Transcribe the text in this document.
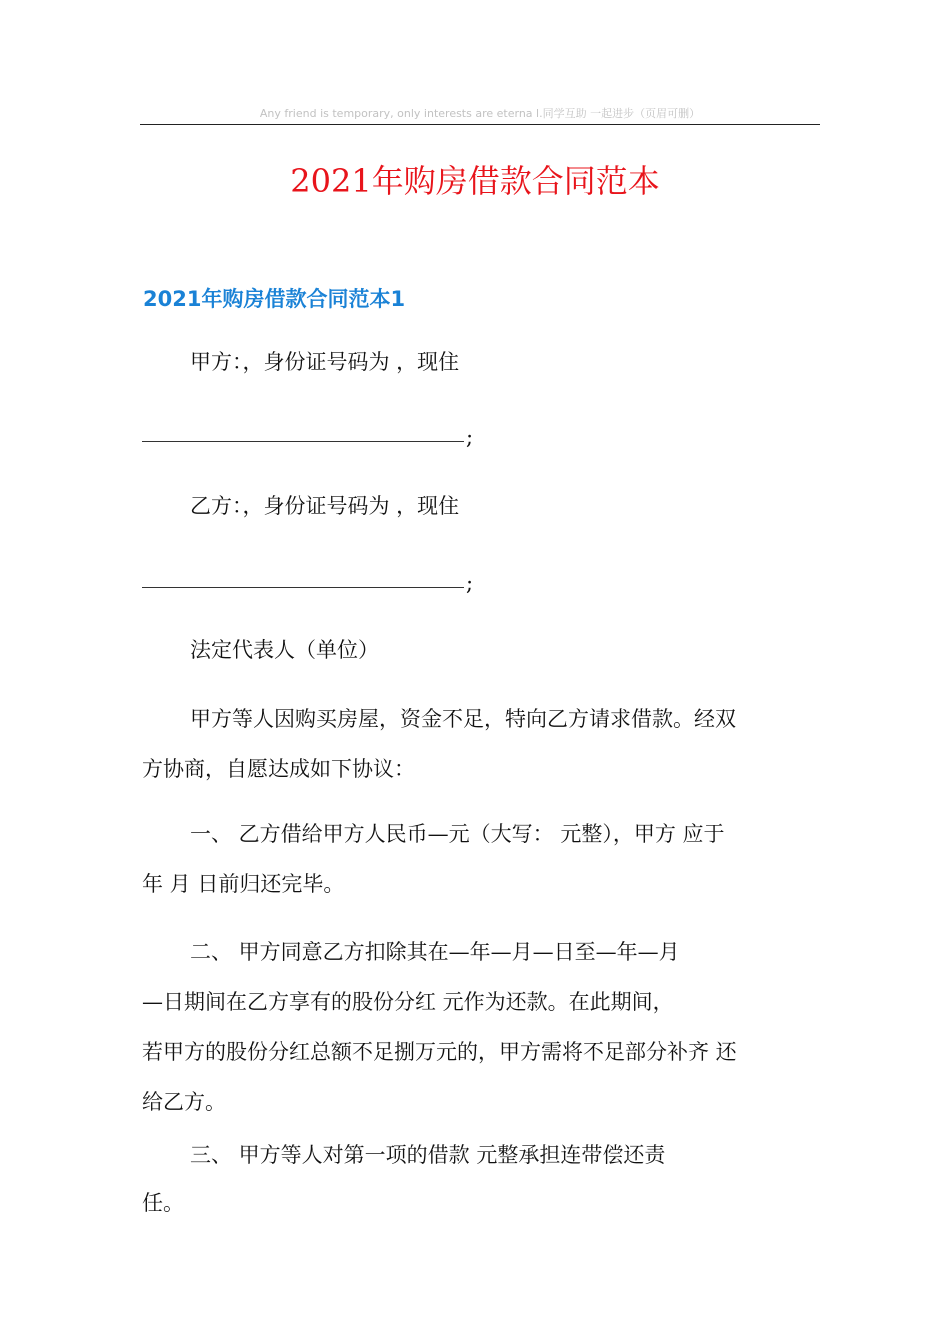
Any friend is temporary, only interests are eterna l.同学互助 一起进步（页眉可删）
2021年购房借款合同范本
2021年购房借款合同范本1
甲方：，身份证号码为 ，现住
;
乙方：，身份证号码为 ，现住
;
法定代表人（单位）
甲方等人因购买房屋，资金不足，特向乙方请求借款。经双
方协商，自愿达成如下协议：
一、 乙方借给甲方人民币—元（大写： 元整），甲方 应于
年 月 日前归还完毕。
二、 甲方同意乙方扣除其在—年—月—日至—年—月
—日期间在乙方享有的股份分红 元作为还款。在此期间，
若甲方的股份分红总额不足捌万元的，甲方需将不足部分补齐 还
给乙方。
三、 甲方等人对第一项的借款 元整承担连带偿还责
任。
